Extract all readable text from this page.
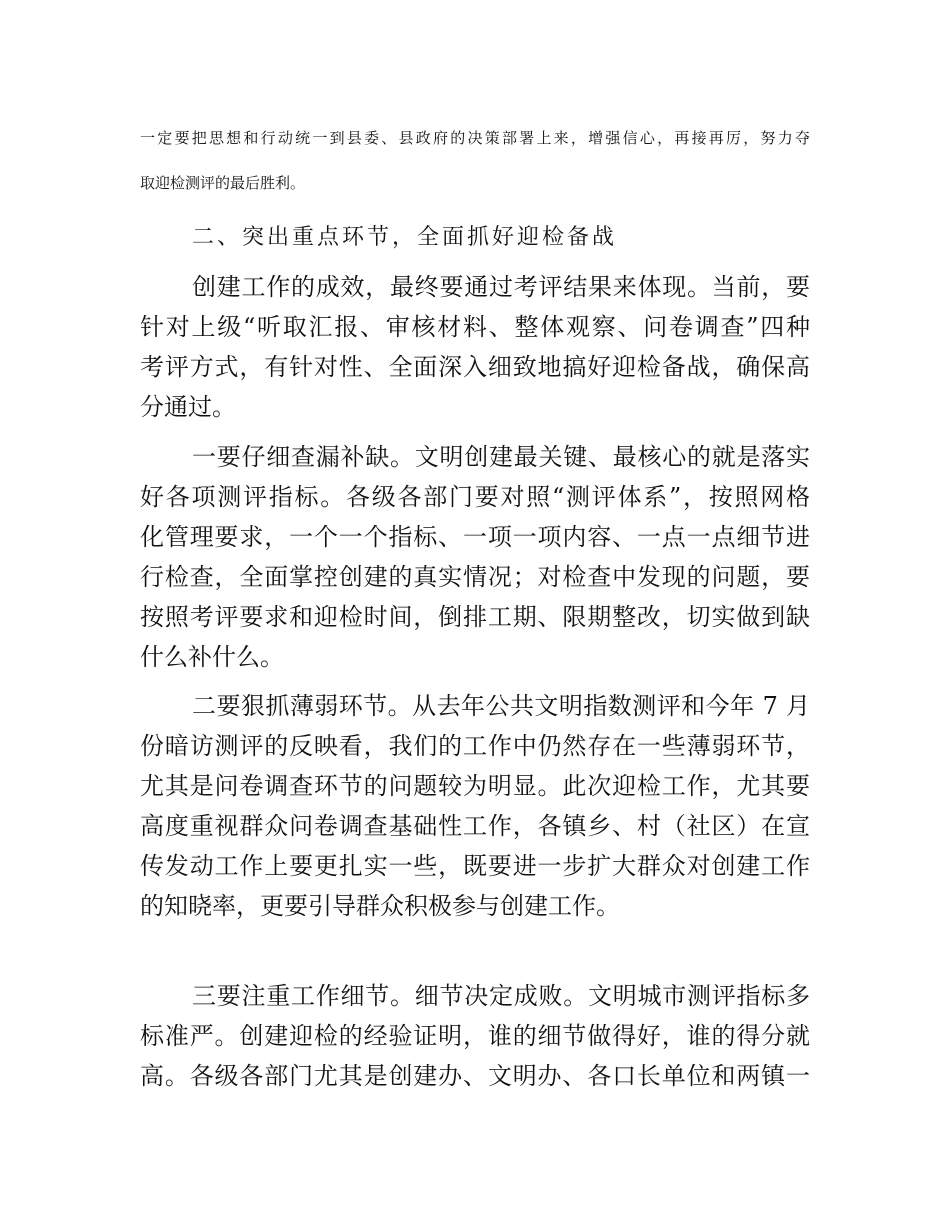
一定要把思想和行动统一到县委、县政府的决策部署上来，增强信心，再接再厉，努力夺
取迎检测评的最后胜利。
二、突出重点环节，全面抓好迎检备战
创建工作的成效，最终要通过考评结果来体现。当前，要
针对上级“听取汇报、审核材料、整体观察、问卷调查”四种
考评方式，有针对性、全面深入细致地搞好迎检备战，确保高
分通过。
一要仔细查漏补缺。文明创建最关键、最核心的就是落实
好各项测评指标。各级各部门要对照“测评体系”，按照网格
化管理要求，一个一个指标、一项一项内容、一点一点细节进
行检查，全面掌控创建的真实情况；对检查中发现的问题，要
按照考评要求和迎检时间，倒排工期、限期整改，切实做到缺
什么补什么。
二要狠抓薄弱环节。从去年公共文明指数测评和今年 7 月
份暗访测评的反映看，我们的工作中仍然存在一些薄弱环节，
尤其是问卷调查环节的问题较为明显。此次迎检工作，尤其要
高度重视群众问卷调查基础性工作，各镇乡、村（社区）在宣
传发动工作上要更扎实一些，既要进一步扩大群众对创建工作
的知晓率，更要引导群众积极参与创建工作。
三要注重工作细节。细节决定成败。文明城市测评指标多
标准严。创建迎检的经验证明，谁的细节做得好，谁的得分就
高。各级各部门尤其是创建办、文明办、各口长单位和两镇一
